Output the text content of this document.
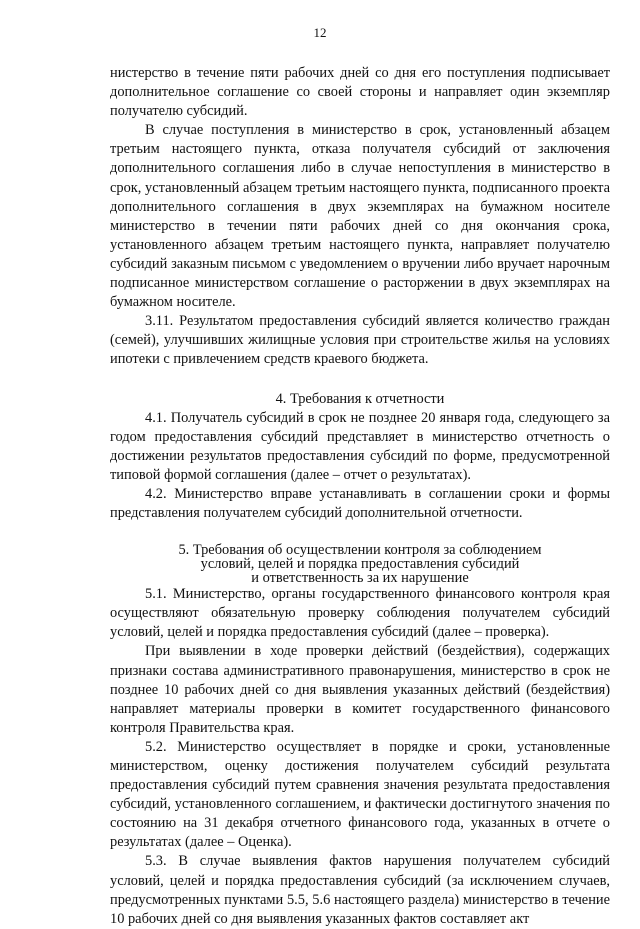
12

нистерство в течение пяти рабочих дней со дня его поступления подписывает дополнительное соглашение со своей стороны и направляет один экземпляр получателю субсидий.

В случае поступления в министерство в срок, установленный абзацем третьим настоящего пункта, отказа получателя субсидий от заключения дополнительного соглашения либо в случае непоступления в министерство в срок, установленный абзацем третьим настоящего пункта, подписанного проекта дополнительного соглашения в двух экземплярах на бумажном носителе министерство в течении пяти рабочих дней со дня окончания срока, установленного абзацем третьим настоящего пункта, направляет получателю субсидий заказным письмом с уведомлением о вручении либо вручает нарочным подписанное министерством соглашение о расторжении в двух экземплярах на бумажном носителе.

3.11. Результатом предоставления субсидий является количество граждан (семей), улучшивших жилищные условия при строительстве жилья на условиях ипотеки с привлечением средств краевого бюджета.

4. Требования к отчетности

4.1. Получатель субсидий в срок не позднее 20 января года, следующего за годом предоставления субсидий представляет в министерство отчетность о достижении результатов предоставления субсидий по форме, предусмотренной типовой формой соглашения (далее – отчет о результатах).

4.2. Министерство вправе устанавливать в соглашении сроки и формы представления получателем субсидий дополнительной отчетности.

5. Требования об осуществлении контроля за соблюдением
условий, целей и порядка предоставления субсидий
и ответственность за их нарушение

5.1. Министерство, органы государственного финансового контроля края осуществляют обязательную проверку соблюдения получателем субсидий условий, целей и порядка предоставления субсидий (далее – проверка).

При выявлении в ходе проверки действий (бездействия), содержащих признаки состава административного правонарушения, министерство в срок не позднее 10 рабочих дней со дня выявления указанных действий (бездействия) направляет материалы проверки в комитет государственного финансового контроля Правительства края.

5.2. Министерство осуществляет в порядке и сроки, установленные министерством, оценку достижения получателем субсидий результата предоставления субсидий путем сравнения значения результата предоставления субсидий, установленного соглашением, и фактически достигнутого значения по состоянию на 31 декабря отчетного финансового года, указанных в отчете о результатах (далее – Оценка).

5.3. В случае выявления фактов нарушения получателем субсидий условий, целей и порядка предоставления субсидий (за исключением случаев, предусмотренных пунктами 5.5, 5.6 настоящего раздела) министерство в течение 10 рабочих дней со дня выявления указанных фактов составляет акт
